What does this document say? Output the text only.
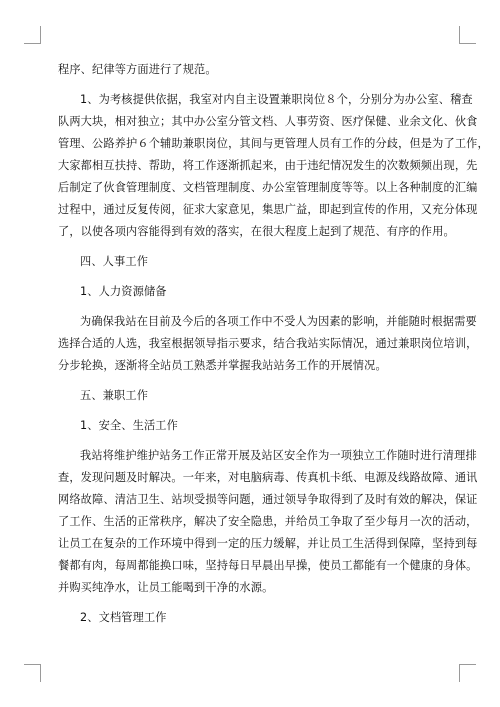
程序、纪律等方面进行了规范。
1、为考核提供依据，我室对内自主设置兼职岗位８个，分别分为办公室、稽查
队两大块，相对独立；其中办公室分管文档、人事劳资、医疗保健、业余文化、伙食
管理、公路养护６个辅助兼职岗位，其间与更管理人员有工作的分歧，但是为了工作，
大家都相互扶持、帮助，将工作逐渐抓起来，由于违纪情况发生的次数频频出现，先
后制定了伙食管理制度、文档管理制度、办公室管理制度等等。以上各种制度的汇编
过程中，通过反复传阅，征求大家意见，集思广益，即起到宣传的作用，又充分体现
了，以使各项内容能得到有效的落实，在很大程度上起到了规范、有序的作用。
四、人事工作
1、人力资源储备
为确保我站在目前及今后的各项工作中不受人为因素的影响，并能随时根据需要
选择合适的人选，我室根据领导指示要求，结合我站实际情况，通过兼职岗位培训，
分步轮换，逐渐将全站员工熟悉并掌握我站站务工作的开展情况。
五、兼职工作
1、安全、生活工作
我站将维护维护站务工作正常开展及站区安全作为一项独立工作随时进行清理排
查，发现问题及时解决。一年来，对电脑病毒、传真机卡纸、电源及线路故障、通讯
网络故障、清洁卫生、站坝受损等问题，通过领导争取得到了及时有效的解决，保证
了工作、生活的正常秩序，解决了安全隐患，并给员工争取了至少每月一次的活动，
让员工在复杂的工作环境中得到一定的压力缓解，并让员工生活得到保障，坚持到每
餐都有肉，每周都能换口味，坚持每日早晨出早操，使员工都能有一个健康的身体。
并购买纯净水，让员工能喝到干净的水源。
2、文档管理工作
